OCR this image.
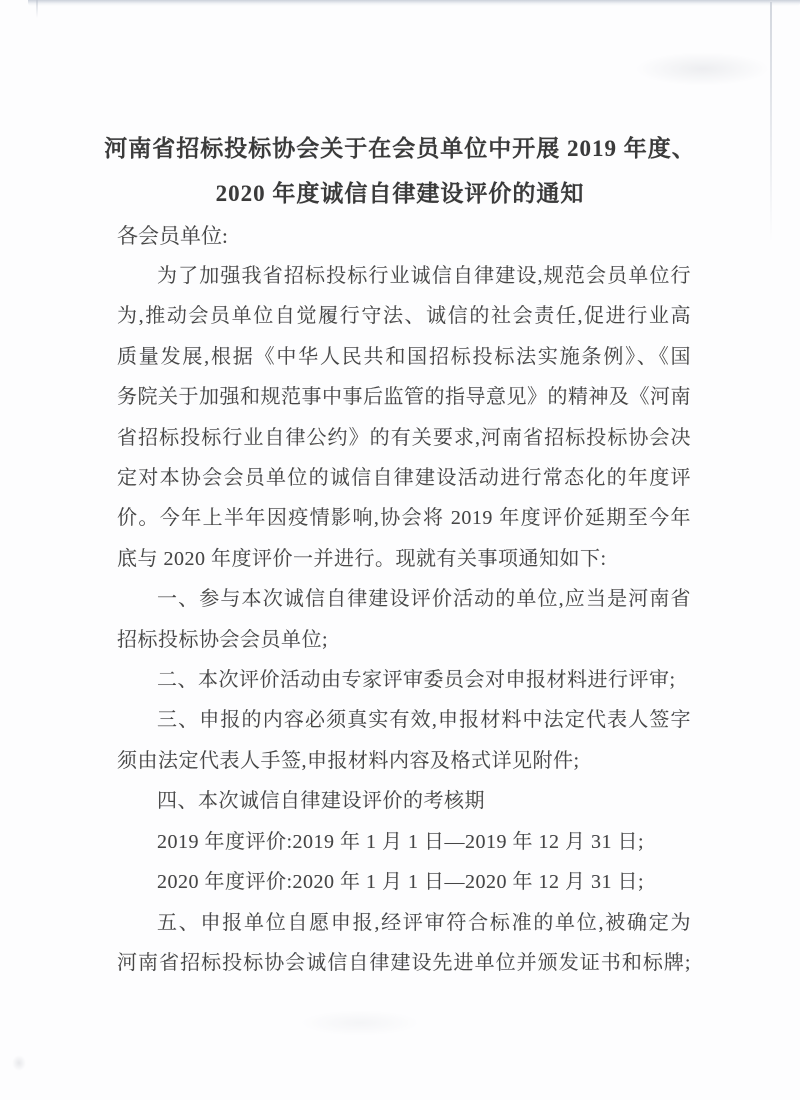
河南省招标投标协会关于在会员单位中开展 2019 年度、
2020 年度诚信自律建设评价的通知
各会员单位:
为了加强我省招标投标行业诚信自律建设,规范会员单位行
为,推动会员单位自觉履行守法、诚信的社会责任,促进行业高
质量发展,根据《中华人民共和国招标投标法实施条例》、《国
务院关于加强和规范事中事后监管的指导意见》的精神及《河南
省招标投标行业自律公约》的有关要求,河南省招标投标协会决
定对本协会会员单位的诚信自律建设活动进行常态化的年度评
价。今年上半年因疫情影响,协会将 2019 年度评价延期至今年
底与 2020 年度评价一并进行。现就有关事项通知如下:
一、参与本次诚信自律建设评价活动的单位,应当是河南省
招标投标协会会员单位;
二、本次评价活动由专家评审委员会对申报材料进行评审;
三、申报的内容必须真实有效,申报材料中法定代表人签字
须由法定代表人手签,申报材料内容及格式详见附件;
四、本次诚信自律建设评价的考核期
2019 年度评价:2019 年 1 月 1 日—2019 年 12 月 31 日;
2020 年度评价:2020 年 1 月 1 日—2020 年 12 月 31 日;
五、申报单位自愿申报,经评审符合标准的单位,被确定为
河南省招标投标协会诚信自律建设先进单位并颁发证书和标牌;
